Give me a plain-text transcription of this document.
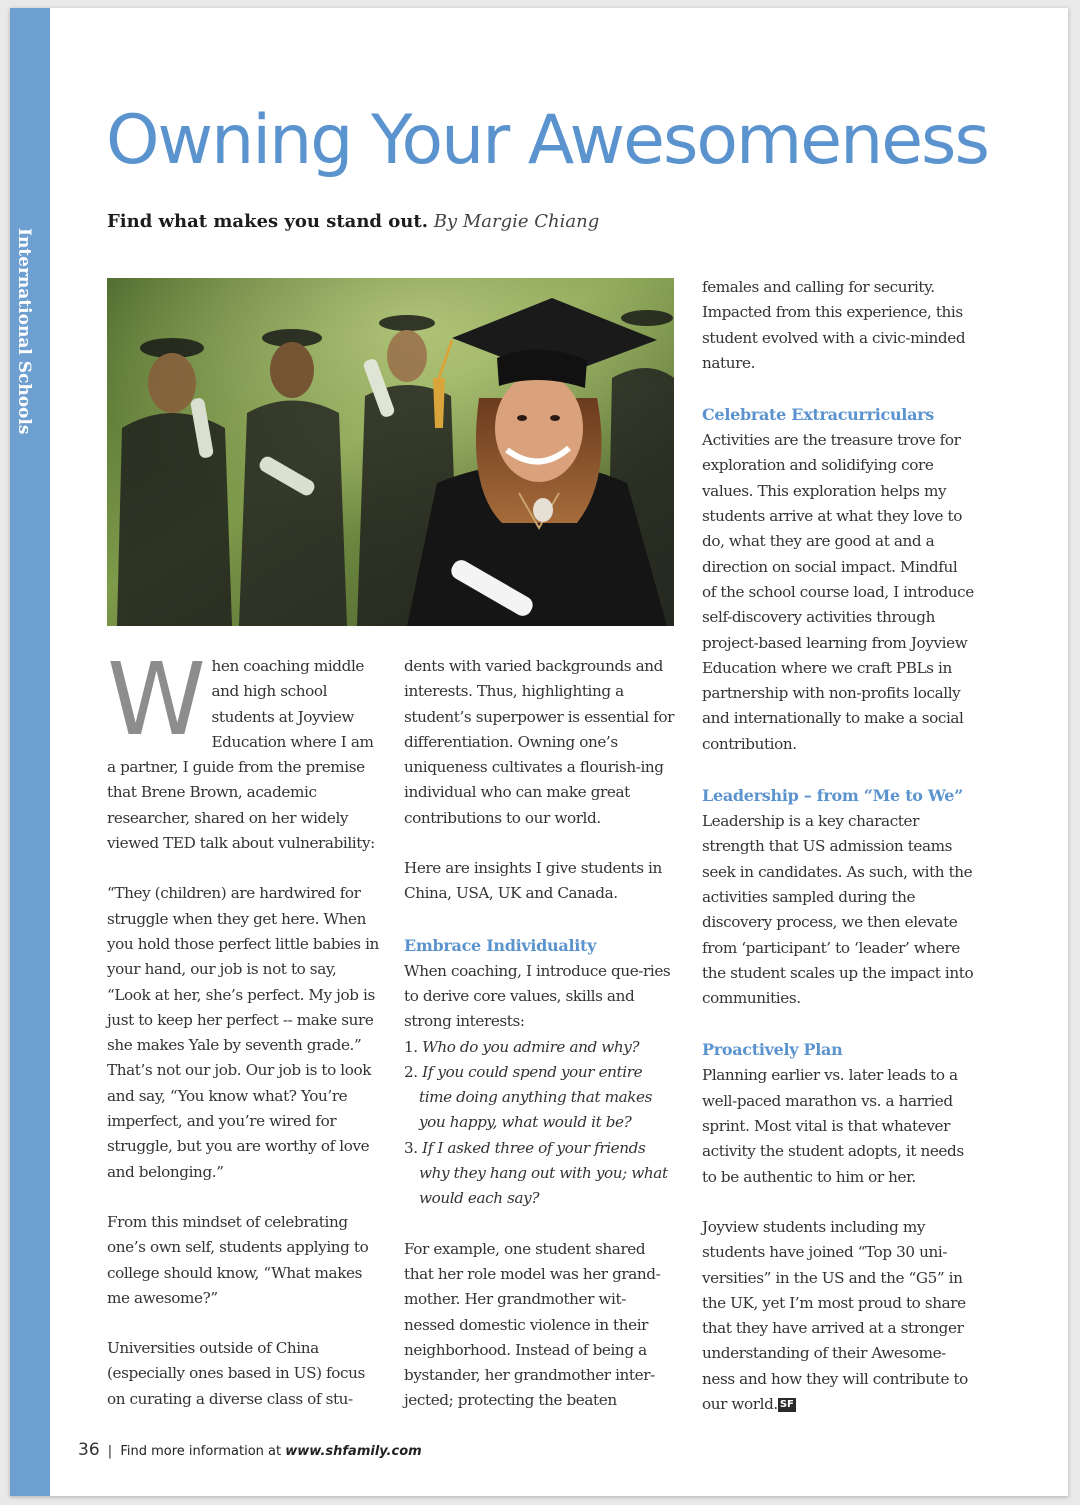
International Schools
Owning Your Awesomeness
Find what makes you stand out. By Margie Chiang

When coaching middle and high school students at Joyview Education where I am a partner, I guide from the premise that Brene Brown, academic researcher, shared on her widely viewed TED talk about vulnerability:

“They (children) are hardwired for struggle when they get here. When you hold those perfect little babies in your hand, our job is not to say, “Look at her, she’s perfect. My job is just to keep her perfect -- make sure she makes Yale by seventh grade.” That’s not our job. Our job is to look and say, “You know what? You’re imperfect, and you’re wired for struggle, but you are worthy of love and belonging.”

From this mindset of celebrating one’s own self, students applying to college should know, “What makes me awesome?”

Universities outside of China (especially ones based in US) focus on curating a diverse class of stu-

dents with varied backgrounds and interests. Thus, highlighting a student’s superpower is essential for differentiation. Owning one’s uniqueness cultivates a flourish-ing individual who can make great contributions to our world.

Here are insights I give students in China, USA, UK and Canada.

Embrace Individuality

When coaching, I introduce que-ries to derive core values, skills and strong interests:

1. Who do you admire and why?
2. If you could spend your entire time doing anything that makes you happy, what would it be?
3. If I asked three of your friends why they hang out with you; what would each say?

For example, one student shared that her role model was her grand-mother. Her grandmother wit-nessed domestic violence in their neighborhood. Instead of being a bystander, her grandmother inter-jected; protecting the beaten

females and calling for security. Impacted from this experience, this student evolved with a civic-minded nature.

Celebrate Extracurriculars

Activities are the treasure trove for exploration and solidifying core values. This exploration helps my students arrive at what they love to do, what they are good at and a direction on social impact. Mindful of the school course load, I introduce self-discovery activities through project-based learning from Joyview Education where we craft PBLs in partnership with non-profits locally and internationally to make a social contribution.

Leadership – from “Me to We”

Leadership is a key character strength that US admission teams seek in candidates. As such, with the activities sampled during the discovery process, we then elevate from ‘participant’ to ‘leader’ where the student scales up the impact into communities.

Proactively Plan

Planning earlier vs. later leads to a well-paced marathon vs. a harried sprint. Most vital is that whatever activity the student adopts, it needs to be authentic to him or her.

Joyview students including my students have joined “Top 30 uni-versities” in the US and the “G5” in the UK, yet I’m most proud to share that they have arrived at a stronger understanding of their Awesome-ness and how they will contribute to our world. SF

36 | Find more information at www.shfamily.com
